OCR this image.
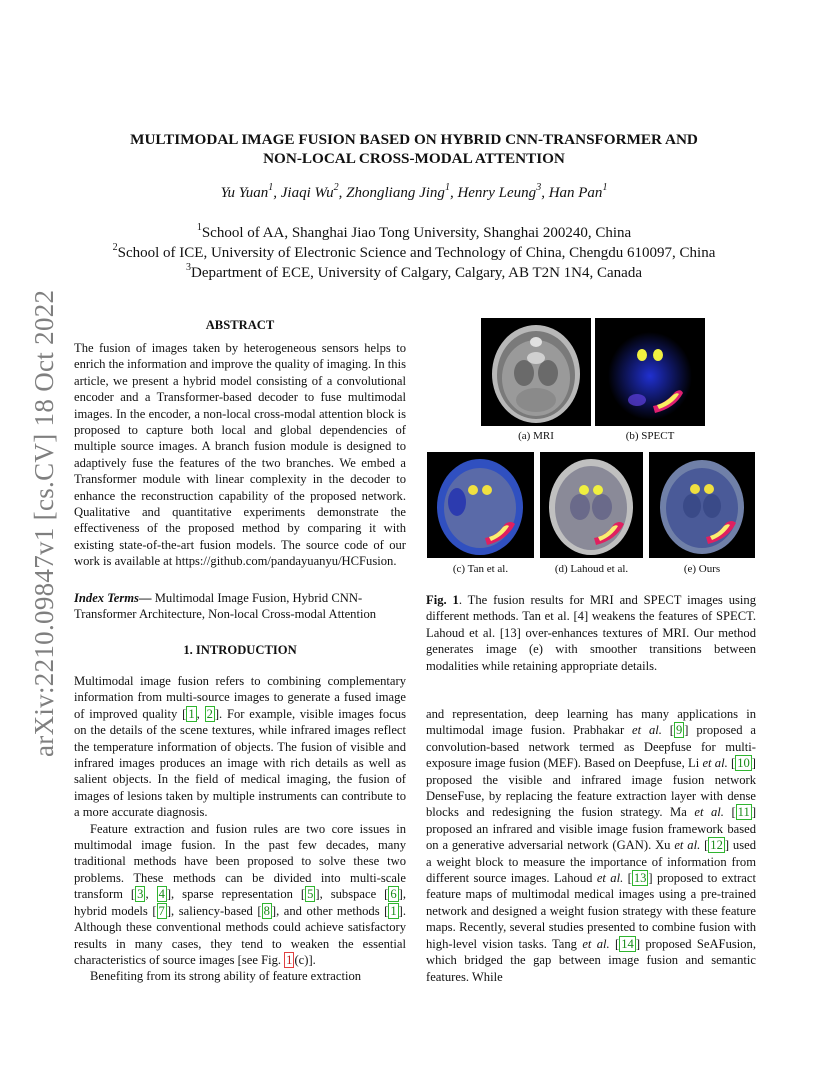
arXiv:2210.09847v1 [cs.CV] 18 Oct 2022
MULTIMODAL IMAGE FUSION BASED ON HYBRID CNN-TRANSFORMER AND
NON-LOCAL CROSS-MODAL ATTENTION
Yu Yuan$^1$, Jiaqi Wu$^2$, Zhongliang Jing$^1$, Henry Leung$^3$, Han Pan$^1$
$^1$School of AA, Shanghai Jiao Tong University, Shanghai 200240, China
$^2$School of ICE, University of Electronic Science and Technology of China, Chengdu 610097, China
$^3$Department of ECE, University of Calgary, Calgary, AB T2N 1N4, Canada
ABSTRACT

The fusion of images taken by heterogeneous sensors helps to enrich the information and improve the quality of imaging. In this article, we present a hybrid model consisting of a convolutional encoder and a Transformer-based decoder to fuse multimodal images. In the encoder, a non-local cross-modal attention block is proposed to capture both local and global dependencies of multiple source images. A branch fusion module is designed to adaptively fuse the features of the two branches. We embed a Transformer module with linear complexity in the decoder to enhance the reconstruction capability of the proposed network. Qualitative and quantitative experiments demonstrate the effectiveness of the proposed method by comparing it with existing state-of-the-art fusion models. The source code of our work is available at https://github.com/pandayuanyu/HCFusion.

Index Terms— Multimodal Image Fusion, Hybrid CNN-Transformer Architecture, Non-local Cross-modal Attention

1. INTRODUCTION

Multimodal image fusion refers to combining complementary information from multi-source images to generate a fused image of improved quality [ 1 , 2 ]. For example, visible images focus on the details of the scene textures, while infrared images reflect the temperature information of objects. The fusion of visible and infrared images produces an image with rich details as well as salient objects. In the field of medical imaging, the fusion of images of lesions taken by multiple instruments can contribute to a more accurate diagnosis.

Feature extraction and fusion rules are two core issues in multimodal image fusion. In the past few decades, many traditional methods have been proposed to solve these two problems. These methods can be divided into multi-scale transform [ 3 , 4 ], sparse representation [ 5 ], subspace [ 6 ], hybrid models [ 7 ], saliency-based [ 8 ], and other methods [ 1 ]. Although these conventional methods could achieve satisfactory results in many cases, they tend to weaken the essential characteristics of source images [see Fig. 1 (c)].

Benefiting from its strong ability of feature extraction

(a) MRI	(b) SPECT
(c) Tan et al.	(d) Lahoud et al.	(e) Ours
Fig. 1. The fusion results for MRI and SPECT images using different methods. Tan et al. [4] weakens the features of SPECT. Lahoud et al. [13] over-enhances textures of MRI. Our method generates image (e) with smoother transitions between modalities while retaining appropriate details.

and representation, deep learning has many applications in multimodal image fusion. Prabhakar et al. [ 9 ] proposed a convolution-based network termed as Deepfuse for multi-exposure image fusion (MEF). Based on Deepfuse, Li et al. [ 10 ] proposed the visible and infrared image fusion network DenseFuse, by replacing the feature extraction layer with dense blocks and redesigning the fusion strategy. Ma et al. [ 11 ] proposed an infrared and visible image fusion framework based on a generative adversarial network (GAN). Xu et al. [ 12 ] used a weight block to measure the importance of information from different source images. Lahoud et al. [ 13 ] proposed to extract feature maps of multimodal medical images using a pre-trained network and designed a weight fusion strategy with these feature maps. Recently, several studies presented to combine fusion with high-level vision tasks. Tang et al. [ 14 ] proposed SeAFusion, which bridged the gap between image fusion and semantic features. While
